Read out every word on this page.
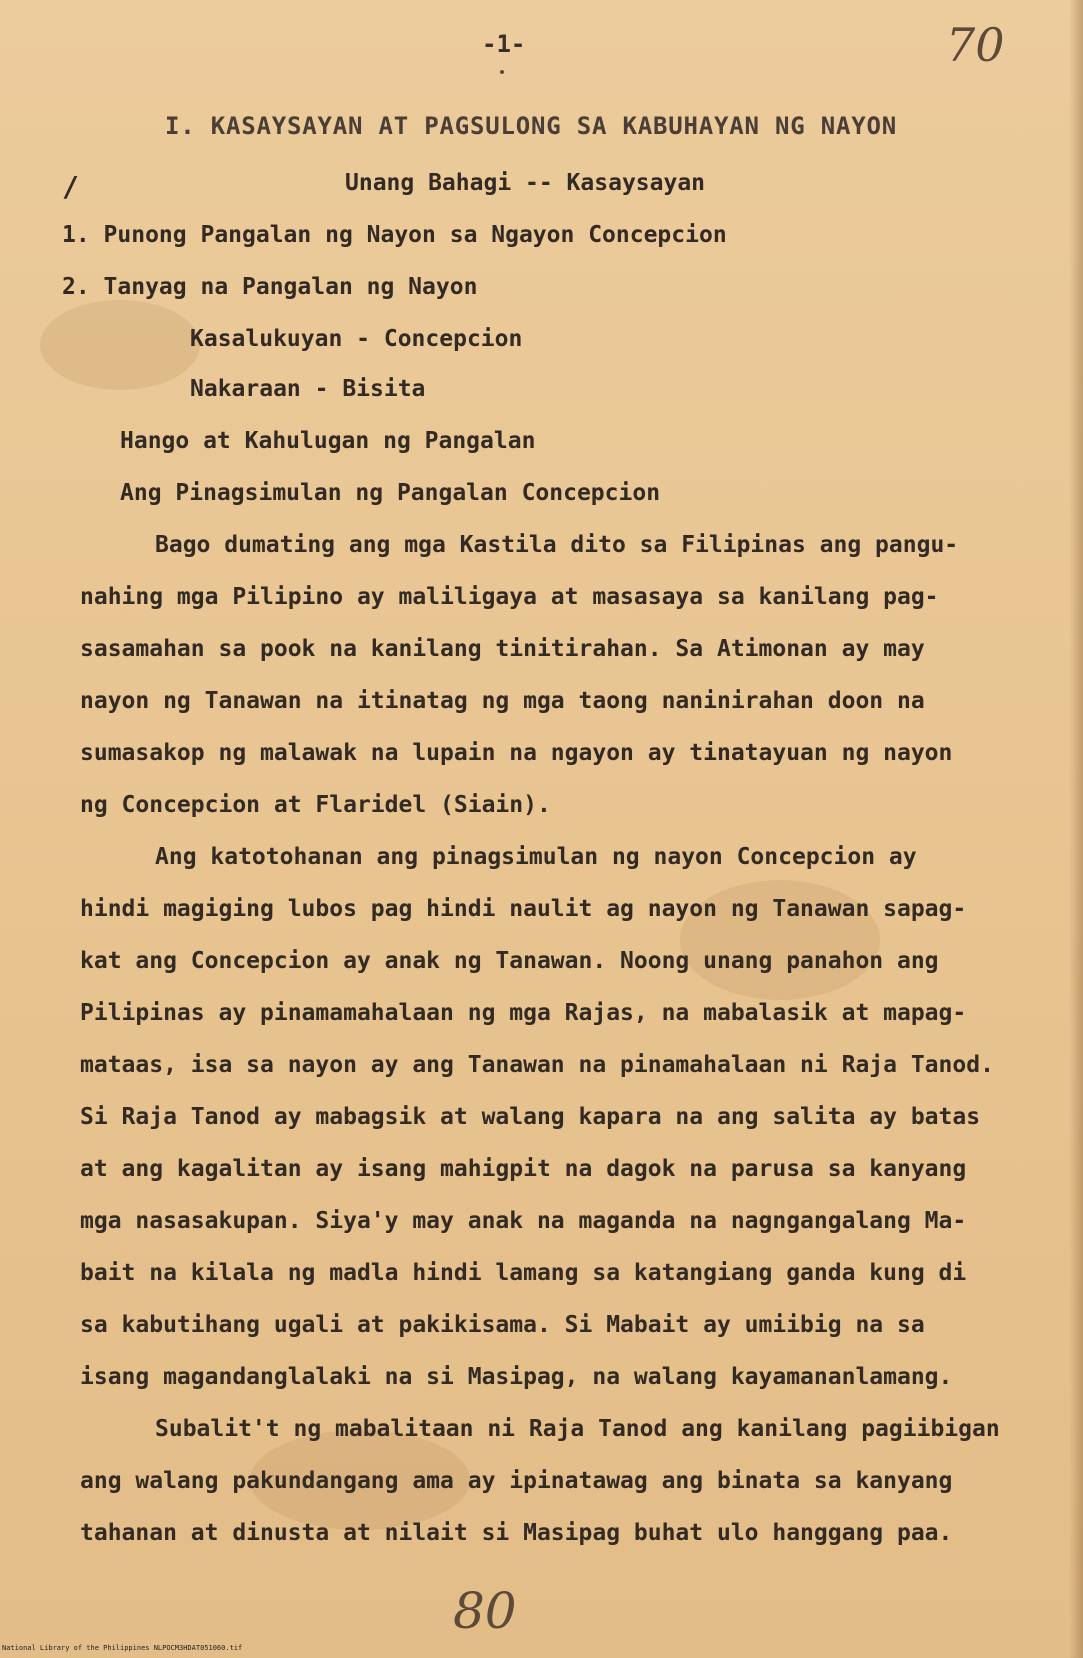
-1-	70
I. KASAYSAYAN AT PAGSULONG SA KABUHAYAN NG NAYON
/	Unang Bahagi -- Kasaysayan
1. Punong Pangalan ng Nayon sa Ngayon Concepcion
2. Tanyag na Pangalan ng Nayon
Kasalukuyan - Concepcion
Nakaraan - Bisita
Hango at Kahulugan ng Pangalan
Ang Pinagsimulan ng Pangalan Concepcion
Bago dumating ang mga Kastila dito sa Filipinas ang pangu-
nahing mga Pilipino ay maliligaya at masasaya sa kanilang pag-
sasamahan sa pook na kanilang tinitirahan. Sa Atimonan ay may
nayon ng Tanawan na itinatag ng mga taong naninirahan doon na
sumasakop ng malawak na lupain na ngayon ay tinatayuan ng nayon
ng Concepcion at Flaridel (Siain).
Ang katotohanan ang pinagsimulan ng nayon Concepcion ay
hindi magiging lubos pag hindi naulit ag nayon ng Tanawan sapag-
kat ang Concepcion ay anak ng Tanawan. Noong unang panahon ang
Pilipinas ay pinamamahalaan ng mga Rajas, na mabalasik at mapag-
mataas, isa sa nayon ay ang Tanawan na pinamahalaan ni Raja Tanod.
Si Raja Tanod ay mabagsik at walang kapara na ang salita ay batas
at ang kagalitan ay isang mahigpit na dagok na parusa sa kanyang
mga nasasakupan. Siya'y may anak na maganda na nagngangalang Ma-
bait na kilala ng madla hindi lamang sa katangiang ganda kung di
sa kabutihang ugali at pakikisama. Si Mabait ay umiibig na sa
isang magandanglalaki na si Masipag, na walang kayamananlamang.
Subalit't ng mabalitaan ni Raja Tanod ang kanilang pagiibigan
ang walang pakundangang ama ay ipinatawag ang binata sa kanyang
tahanan at dinusta at nilait si Masipag buhat ulo hanggang paa.
80
National Library of the Philippines NLPOCM3HDAT051060.tif
